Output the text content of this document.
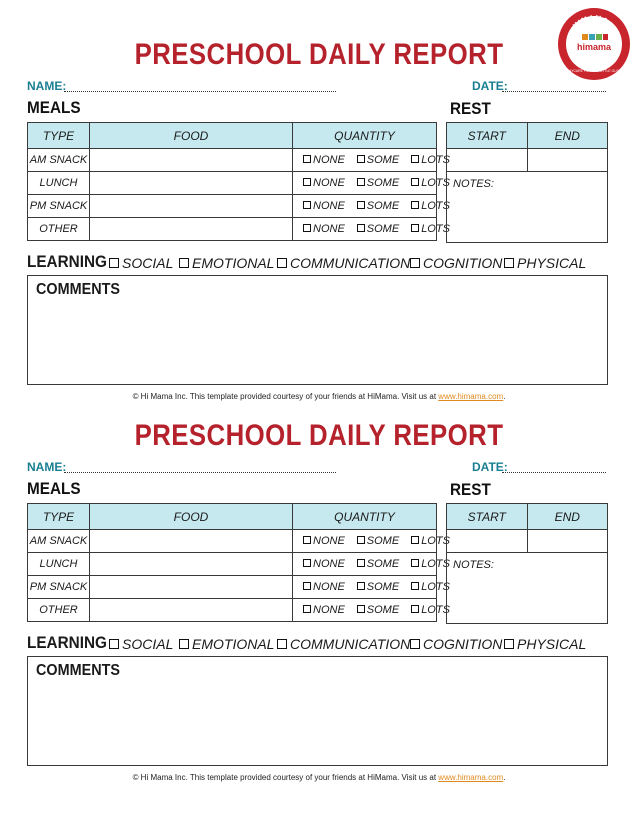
HIMAMA
himama
DAYCARE FOR THE LITTLE GUYS
PRESCHOOL DAILY REPORT
NAME:	DATE:
MEALS	REST
TYPE	FOOD	QUANTITY
AM SNACK		NONE SOME LOTS
LUNCH		NONE SOME LOTS
PM SNACK		NONE SOME LOTS
OTHER		NONE SOME LOTS
START	END

NOTES:
LEARNING	SOCIAL	EMOTIONAL	COMMUNICATION COGNITION	PHYSICAL
COMMENTS
© Hi Mama Inc. This template provided courtesy of your friends at HiMama. Visit us at www.himama.com.
PRESCHOOL DAILY REPORT
NAME:	DATE:
MEALS	REST
TYPE	FOOD	QUANTITY
AM SNACK		NONE SOME LOTS
LUNCH		NONE SOME LOTS
PM SNACK		NONE SOME LOTS
OTHER		NONE SOME LOTS
START	END

NOTES:
LEARNING	SOCIAL	EMOTIONAL	COMMUNICATION COGNITION	PHYSICAL
COMMENTS
© Hi Mama Inc. This template provided courtesy of your friends at HiMama. Visit us at www.himama.com.
